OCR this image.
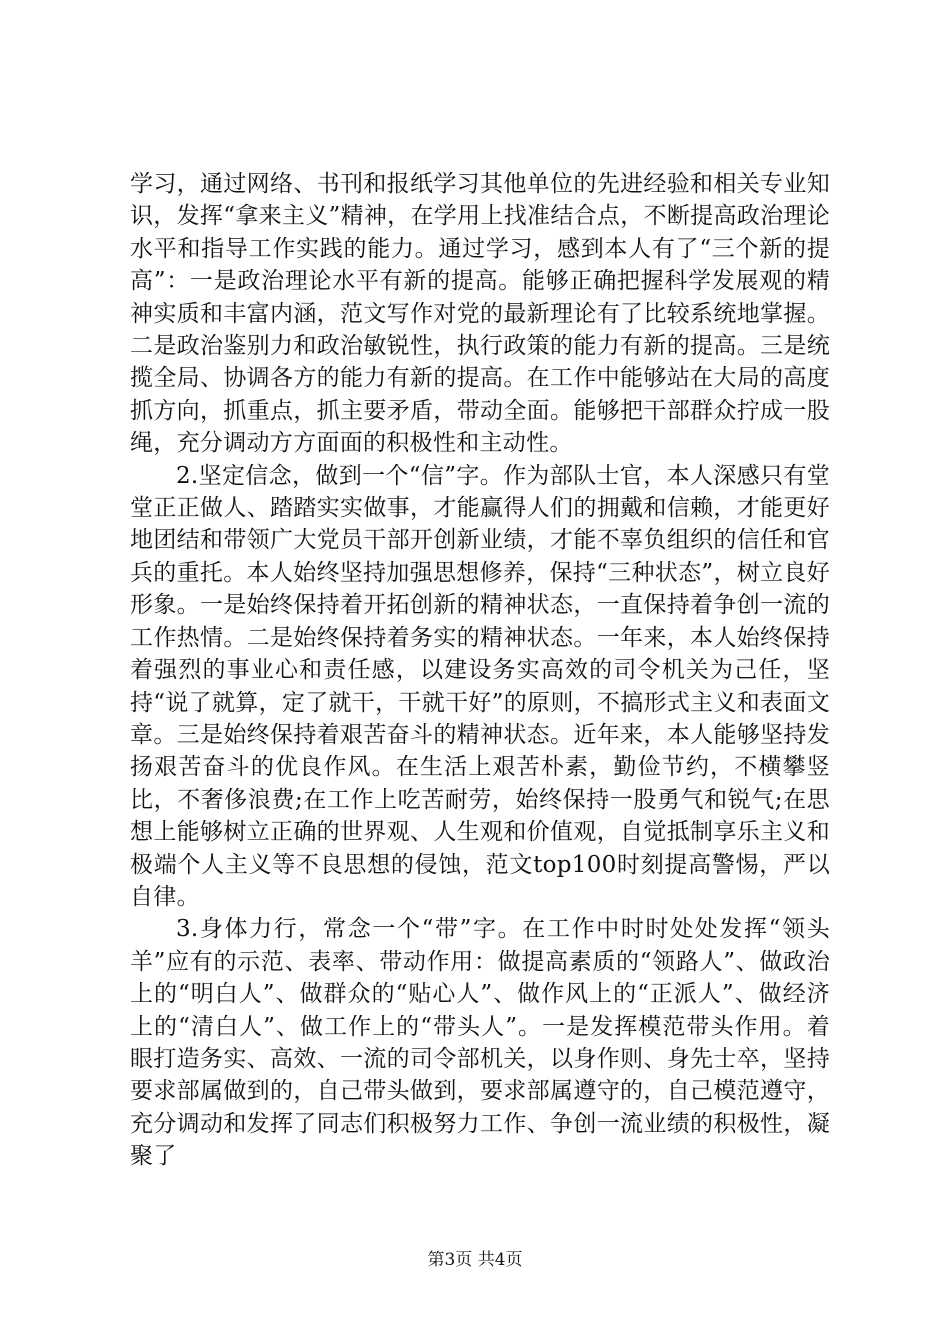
学习，通过网络、书刊和报纸学习其他单位的先进经验和相关专业知识，发挥“拿来主义”精神，在学用上找准结合点，不断提高政治理论水平和指导工作实践的能力。通过学习，感到本人有了“三个新的提高”：一是政治理论水平有新的提高。能够正确把握科学发展观的精神实质和丰富内涵，范文写作对党的最新理论有了比较系统地掌握。二是政治鉴别力和政治敏锐性，执行政策的能力有新的提高。三是统揽全局、协调各方的能力有新的提高。在工作中能够站在大局的高度抓方向，抓重点，抓主要矛盾，带动全面。能够把干部群众拧成一股绳，充分调动方方面面的积极性和主动性。

2.坚定信念，做到一个“信”字。作为部队士官，本人深感只有堂堂正正做人、踏踏实实做事，才能赢得人们的拥戴和信赖，才能更好地团结和带领广大党员干部开创新业绩，才能不辜负组织的信任和官兵的重托。本人始终坚持加强思想修养，保持“三种状态”，树立良好形象。一是始终保持着开拓创新的精神状态，一直保持着争创一流的工作热情。二是始终保持着务实的精神状态。一年来，本人始终保持着强烈的事业心和责任感，以建设务实高效的司令机关为己任，坚持“说了就算，定了就干，干就干好”的原则，不搞形式主义和表面文章。三是始终保持着艰苦奋斗的精神状态。近年来，本人能够坚持发扬艰苦奋斗的优良作风。在生活上艰苦朴素，勤俭节约，不横攀竖比，不奢侈浪费;在工作上吃苦耐劳，始终保持一股勇气和锐气;在思想上能够树立正确的世界观、人生观和价值观，自觉抵制享乐主义和极端个人主义等不良思想的侵蚀，范文top100时刻提高警惕，严以自律。

3.身体力行，常念一个“带”字。在工作中时时处处发挥“领头羊”应有的示范、表率、带动作用：做提高素质的“领路人”、做政治上的“明白人”、做群众的“贴心人”、做作风上的“正派人”、做经济上的“清白人”、做工作上的“带头人”。一是发挥模范带头作用。着眼打造务实、高效、一流的司令部机关，以身作则、身先士卒，坚持要求部属做到的，自己带头做到，要求部属遵守的，自己模范遵守，充分调动和发挥了同志们积极努力工作、争创一流业绩的积极性，凝聚了

第3页 共4页
